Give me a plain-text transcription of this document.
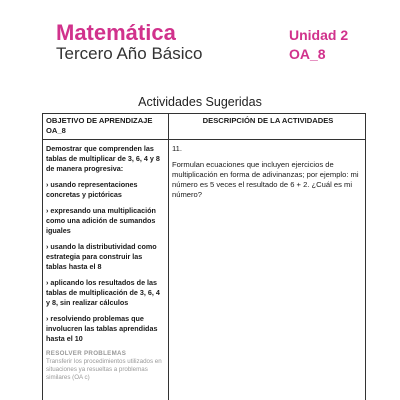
Matemática
Tercero Año Básico
Unidad 2
OA_8
Actividades Sugeridas
OBJETIVO DE APRENDIZAJE OA_8
DESCRIPCIÓN DE LA ACTIVIDADES
Demostrar que comprenden las tablas de multiplicar de 3, 6, 4 y 8 de manera progresiva:
› usando representaciones concretas y pictóricas
› expresando una multiplicación como una adición de sumandos iguales
› usando la distributividad como estrategia para construir las tablas hasta el 8
› aplicando los resultados de las tablas de multiplicación de 3, 6, 4 y 8, sin realizar cálculos
› resolviendo problemas que involucren las tablas aprendidas hasta el 10
RESOLVER PROBLEMAS
Transferir los procedimientos utilizados en situaciones ya resueltas a problemas similares (OA c)
11.
Formulan ecuaciones que incluyen ejercicios de multiplicación en forma de adivinanzas; por ejemplo: mi número es 5 veces el resultado de 6 + 2. ¿Cuál es mi número?
